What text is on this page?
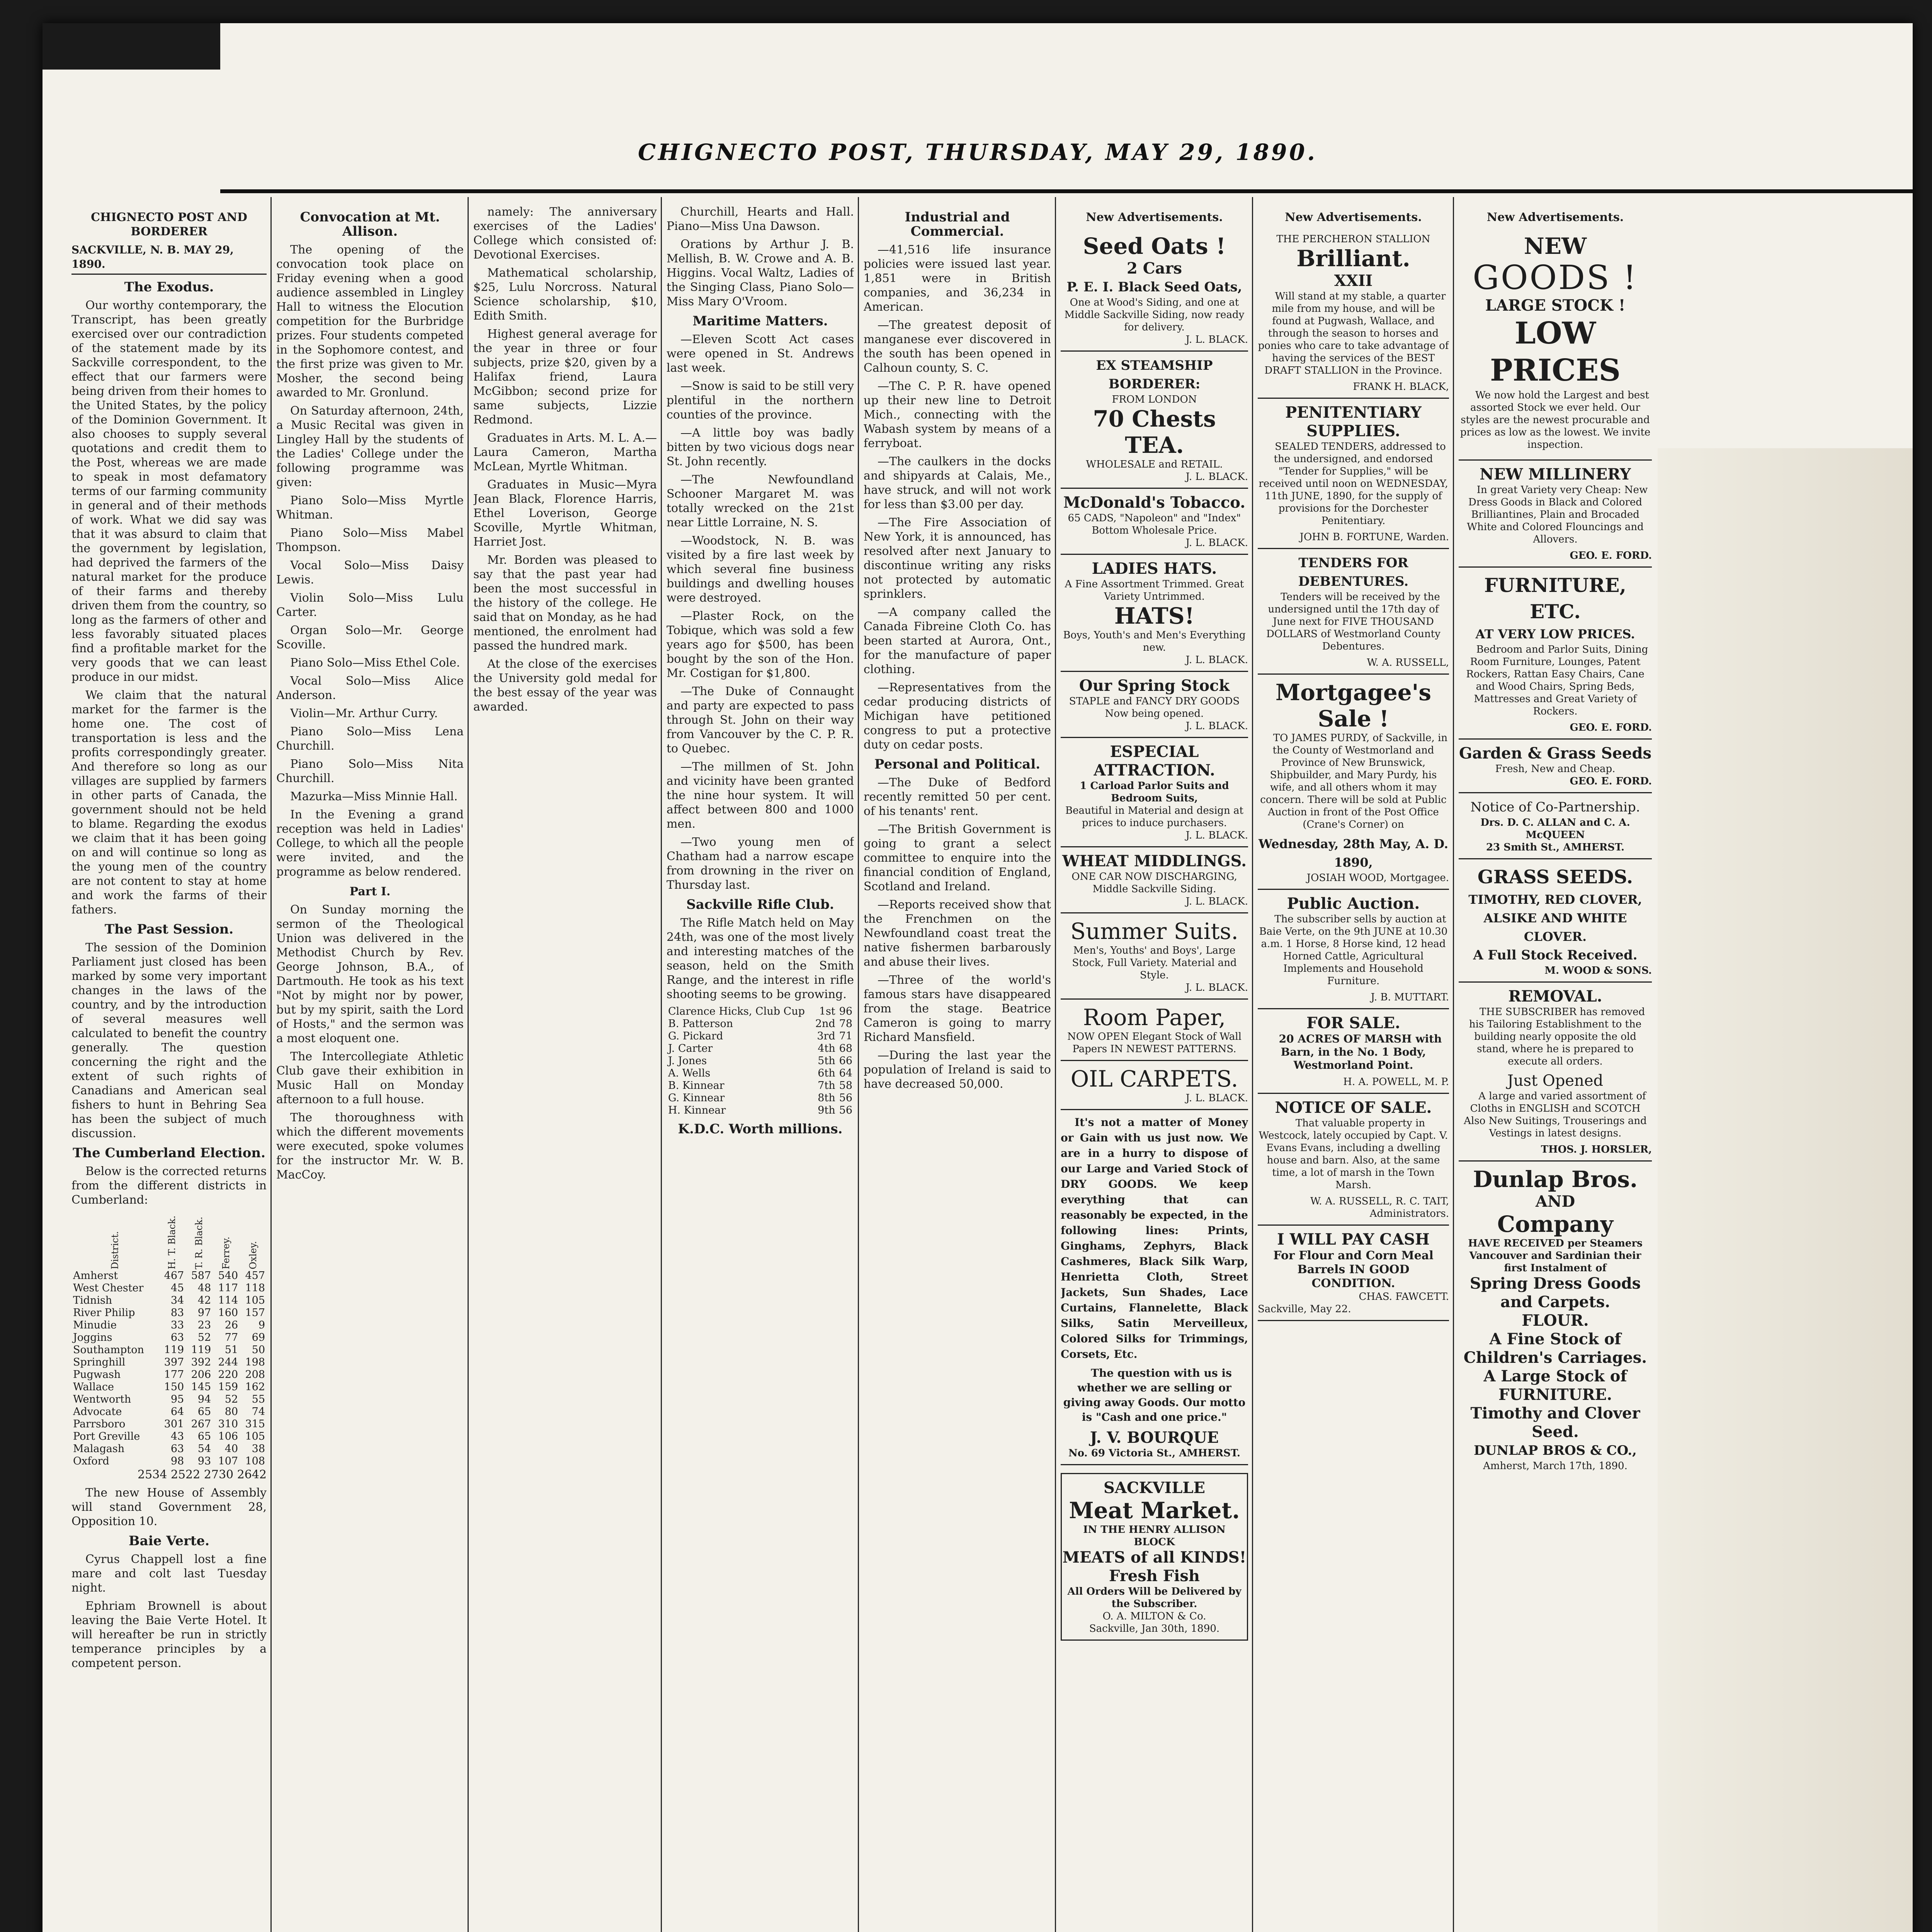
CHIGNECTO POST, THURSDAY, MAY 29, 1890.
CHIGNECTO POST AND BORDERER
SACKVILLE, N. B. MAY 29, 1890.
The Exodus.

Our worthy contemporary, the Transcript, has been greatly exercised over our contradiction of the statement made by its Sackville correspondent, to the effect that our farmers were being driven from their homes to the United States, by the policy of the Dominion Government. It also chooses to supply several quotations and credit them to the Post, whereas we are made to speak in most defamatory terms of our farming community in general and of their methods of work. What we did say was that it was absurd to claim that the government by legislation, had deprived the farmers of the natural market for the produce of their farms and thereby driven them from the country, so long as the farmers of other and less favorably situated places find a profitable market for the very goods that we can least produce in our midst.

We claim that the natural market for the farmer is the home one. The cost of transportation is less and the profits correspondingly greater. And therefore so long as our villages are supplied by farmers in other parts of Canada, the government should not be held to blame. Regarding the exodus we claim that it has been going on and will continue so long as the young men of the country are not content to stay at home and work the farms of their fathers.

The Past Session.

The session of the Dominion Parliament just closed has been marked by some very important changes in the laws of the country, and by the introduction of several measures well calculated to benefit the country generally. The question concerning the right and the extent of such rights of Canadians and American seal fishers to hunt in Behring Sea has been the subject of much discussion.

The Cumberland Election.

Below is the corrected returns from the different districts in Cumberland:

District.	H. T. Black.	T. R. Black.	Ferrey.	Oxley.
Amherst	467	587	540	457
West Chester	45	48	117	118
Tidnish	34	42	114	105
River Philip	83	97	160	157
Minudie	33	23	26	9
Joggins	63	52	77	69
Southampton	119	119	51	50
Springhill	397	392	244	198
Pugwash	177	206	220	208
Wallace	150	145	159	162
Wentworth	95	94	52	55
Advocate	64	65	80	74
Parrsboro	301	267	310	315
Port Greville	43	65	106	105
Malagash	63	54	40	38
Oxford	98	93	107	108

2534 2522 2730 2642

The new House of Assembly will stand Government 28, Opposition 10.

Baie Verte.

Cyrus Chappell lost a fine mare and colt last Tuesday night.

Ephriam Brownell is about leaving the Baie Verte Hotel. It will hereafter be run in strictly temperance principles by a competent person.

Convocation at Mt. Allison.

The opening of the convocation took place on Friday evening when a good audience assembled in Lingley Hall to witness the Elocution competition for the Burbridge prizes. Four students competed in the Sophomore contest, and the first prize was given to Mr. Mosher, the second being awarded to Mr. Gronlund.

On Saturday afternoon, 24th, a Music Recital was given in Lingley Hall by the students of the Ladies' College under the following programme was given:

Piano Solo—Miss Myrtle Whitman.

Piano Solo—Miss Mabel Thompson.

Vocal Solo—Miss Daisy Lewis.

Violin Solo—Miss Lulu Carter.

Organ Solo—Mr. George Scoville.

Piano Solo—Miss Ethel Cole.

Vocal Solo—Miss Alice Anderson.

Violin—Mr. Arthur Curry.

Piano Solo—Miss Lena Churchill.

Piano Solo—Miss Nita Churchill.

Mazurka—Miss Minnie Hall.

In the Evening a grand reception was held in Ladies' College, to which all the people were invited, and the programme as below rendered.

Part I.

On Sunday morning the sermon of the Theological Union was delivered in the Methodist Church by Rev. George Johnson, B.A., of Dartmouth. He took as his text "Not by might nor by power, but by my spirit, saith the Lord of Hosts," and the sermon was a most eloquent one.

The Intercollegiate Athletic Club gave their exhibition in Music Hall on Monday afternoon to a full house.

The thoroughness with which the different movements were executed, spoke volumes for the instructor Mr. W. B. MacCoy.

namely: The anniversary exercises of the Ladies' College which consisted of: Devotional Exercises.

Mathematical scholarship, $25, Lulu Norcross. Natural Science scholarship, $10, Edith Smith.

Highest general average for the year in three or four subjects, prize $20, given by a Halifax friend, Laura McGibbon; second prize for same subjects, Lizzie Redmond.

Graduates in Arts. M. L. A.—Laura Cameron, Martha McLean, Myrtle Whitman.

Graduates in Music—Myra Jean Black, Florence Harris, Ethel Loverison, George Scoville, Myrtle Whitman, Harriet Jost.

Mr. Borden was pleased to say that the past year had been the most successful in the history of the college. He said that on Monday, as he had mentioned, the enrolment had passed the hundred mark.

At the close of the exercises the University gold medal for the best essay of the year was awarded.

Churchill, Hearts and Hall. Piano—Miss Una Dawson.

Orations by Arthur J. B. Mellish, B. W. Crowe and A. B. Higgins. Vocal Waltz, Ladies of the Singing Class, Piano Solo—Miss Mary O'Vroom.

Maritime Matters.

—Eleven Scott Act cases were opened in St. Andrews last week.

—Snow is said to be still very plentiful in the northern counties of the province.

—A little boy was badly bitten by two vicious dogs near St. John recently.

—The Newfoundland Schooner Margaret M. was totally wrecked on the 21st near Little Lorraine, N. S.

—Woodstock, N. B. was visited by a fire last week by which several fine business buildings and dwelling houses were destroyed.

—Plaster Rock, on the Tobique, which was sold a few years ago for $500, has been bought by the son of the Hon. Mr. Costigan for $1,800.

—The Duke of Connaught and party are expected to pass through St. John on their way from Vancouver by the C. P. R. to Quebec.

—The millmen of St. John and vicinity have been granted the nine hour system. It will affect between 800 and 1000 men.

—Two young men of Chatham had a narrow escape from drowning in the river on Thursday last.

Sackville Rifle Club.

The Rifle Match held on May 24th, was one of the most lively and interesting matches of the season, held on the Smith Range, and the interest in rifle shooting seems to be growing.

Clarence Hicks, Club Cup	1st	96
B. Patterson	2nd	78
G. Pickard	3rd	71
J. Carter	4th	68
J. Jones	5th	66
A. Wells	6th	64
B. Kinnear	7th	58
G. Kinnear	8th	56
H. Kinnear	9th	56
K.D.C. Worth millions.
Industrial and Commercial.

—41,516 life insurance policies were issued last year. 1,851 were in British companies, and 36,234 in American.

—The greatest deposit of manganese ever discovered in the south has been opened in Calhoun county, S. C.

—The C. P. R. have opened up their new line to Detroit Mich., connecting with the Wabash system by means of a ferryboat.

—The caulkers in the docks and shipyards at Calais, Me., have struck, and will not work for less than $3.00 per day.

—The Fire Association of New York, it is announced, has resolved after next January to discontinue writing any risks not protected by automatic sprinklers.

—A company called the Canada Fibreine Cloth Co. has been started at Aurora, Ont., for the manufacture of paper clothing.

—Representatives from the cedar producing districts of Michigan have petitioned congress to put a protective duty on cedar posts.

Personal and Political.

—The Duke of Bedford recently remitted 50 per cent. of his tenants' rent.

—The British Government is going to grant a select committee to enquire into the financial condition of England, Scotland and Ireland.

—Reports received show that the Frenchmen on the Newfoundland coast treat the native fishermen barbarously and abuse their lives.

—Three of the world's famous stars have disappeared from the stage. Beatrice Cameron is going to marry Richard Mansfield.

—During the last year the population of Ireland is said to have decreased 50,000.

New Advertisements.
Seed Oats !
2 Cars
P. E. I. Black Seed Oats,
One at Wood's Siding, and one at Middle Sackville Siding, now ready for delivery.
J. L. BLACK.
EX STEAMSHIP BORDERER:
FROM LONDON
70 Chests TEA.
WHOLESALE and RETAIL.
J. L. BLACK.
McDonald's Tobacco.
65 CADS, "Napoleon" and "Index" Bottom Wholesale Price.
J. L. BLACK.
LADIES HATS.
A Fine Assortment Trimmed. Great Variety Untrimmed.
HATS!
Boys, Youth's and Men's Everything new.
J. L. BLACK.
Our Spring Stock
STAPLE and FANCY DRY GOODS Now being opened.
J. L. BLACK.
ESPECIAL ATTRACTION.
1 Carload Parlor Suits and Bedroom Suits,
Beautiful in Material and design at prices to induce purchasers.
J. L. BLACK.
WHEAT MIDDLINGS.
ONE CAR NOW DISCHARGING, Middle Sackville Siding.
J. L. BLACK.
Summer Suits.
Men's, Youths' and Boys', Large Stock, Full Variety. Material and Style.
J. L. BLACK.
Room Paper,
NOW OPEN Elegant Stock of Wall Papers IN NEWEST PATTERNS.
OIL CARPETS.
J. L. BLACK.

It's not a matter of Money or Gain with us just now. We are in a hurry to dispose of our Large and Varied Stock of DRY GOODS. We keep everything that can reasonably be expected, in the following lines: Prints, Ginghams, Zephyrs, Black Cashmeres, Black Silk Warp, Henrietta Cloth, Street Jackets, Sun Shades, Lace Curtains, Flannelette, Black Silks, Satin Merveilleux, Colored Silks for Trimmings, Corsets, Etc.

The question with us is whether we are selling or giving away Goods. Our motto is "Cash and one price."

J. V. BOURQUE
No. 69 Victoria St., AMHERST.
SACKVILLE
Meat Market.
IN THE HENRY ALLISON BLOCK
MEATS of all KINDS!
Fresh Fish
All Orders Will be Delivered by the Subscriber.
O. A. MILTON & Co.
Sackville, Jan 30th, 1890.
New Advertisements.
THE PERCHERON STALLION
Brilliant.
XXII

Will stand at my stable, a quarter mile from my house, and will be found at Pugwash, Wallace, and through the season to horses and ponies who care to take advantage of having the services of the BEST DRAFT STALLION in the Province.

FRANK H. BLACK,
PENITENTIARY SUPPLIES.

SEALED TENDERS, addressed to the undersigned, and endorsed "Tender for Supplies," will be received until noon on WEDNESDAY, 11th JUNE, 1890, for the supply of provisions for the Dorchester Penitentiary.

JOHN B. FORTUNE, Warden.
TENDERS FOR DEBENTURES.

Tenders will be received by the undersigned until the 17th day of June next for FIVE THOUSAND DOLLARS of Westmorland County Debentures.

W. A. RUSSELL,
Mortgagee's Sale !

TO JAMES PURDY, of Sackville, in the County of Westmorland and Province of New Brunswick, Shipbuilder, and Mary Purdy, his wife, and all others whom it may concern. There will be sold at Public Auction in front of the Post Office (Crane's Corner) on

Wednesday, 28th May, A. D. 1890,
JOSIAH WOOD, Mortgagee.
Public Auction.

The subscriber sells by auction at Baie Verte, on the 9th JUNE at 10.30 a.m. 1 Horse, 8 Horse kind, 12 head Horned Cattle, Agricultural Implements and Household Furniture.

J. B. MUTTART.
FOR SALE.

20 ACRES OF MARSH with Barn, in the No. 1 Body, Westmorland Point.

H. A. POWELL, M. P.
NOTICE OF SALE.

That valuable property in Westcock, lately occupied by Capt. V. Evans Evans, including a dwelling house and barn. Also, at the same time, a lot of marsh in the Town Marsh.

W. A. RUSSELL, R. C. TAIT, Administrators.
I WILL PAY CASH
For Flour and Corn Meal Barrels IN GOOD CONDITION.
CHAS. FAWCETT.
Sackville, May 22.
New Advertisements.
NEW
GOODS !
LARGE STOCK !
LOW PRICES

We now hold the Largest and best assorted Stock we ever held. Our styles are the newest procurable and prices as low as the lowest. We invite inspection.

NEW MILLINERY

In great Variety very Cheap: New Dress Goods in Black and Colored Brilliantines, Plain and Brocaded White and Colored Flouncings and Allovers.

GEO. E. FORD.
FURNITURE, ETC.
AT VERY LOW PRICES.

Bedroom and Parlor Suits, Dining Room Furniture, Lounges, Patent Rockers, Rattan Easy Chairs, Cane and Wood Chairs, Spring Beds, Mattresses and Great Variety of Rockers.

GEO. E. FORD.
Garden & Grass Seeds
Fresh, New and Cheap.
GEO. E. FORD.
Notice of Co-Partnership.
Drs. D. C. ALLAN and C. A. McQUEEN
23 Smith St., AMHERST.
GRASS SEEDS.
TIMOTHY, RED CLOVER, ALSIKE AND WHITE CLOVER.
A Full Stock Received.
M. WOOD & SONS.
REMOVAL.

THE SUBSCRIBER has removed his Tailoring Establishment to the building nearly opposite the old stand, where he is prepared to execute all orders.

Just Opened

A large and varied assortment of Cloths in ENGLISH and SCOTCH Also New Suitings, Trouserings and Vestings in latest designs.

THOS. J. HORSLER,
Dunlap Bros.
AND
Company
HAVE RECEIVED per Steamers Vancouver and Sardinian their first Instalment of
Spring Dress Goods and Carpets.
FLOUR.
A Fine Stock of Children's Carriages.
A Large Stock of FURNITURE.
Timothy and Clover Seed.
DUNLAP BROS & CO.,
Amherst, March 17th, 1890.
